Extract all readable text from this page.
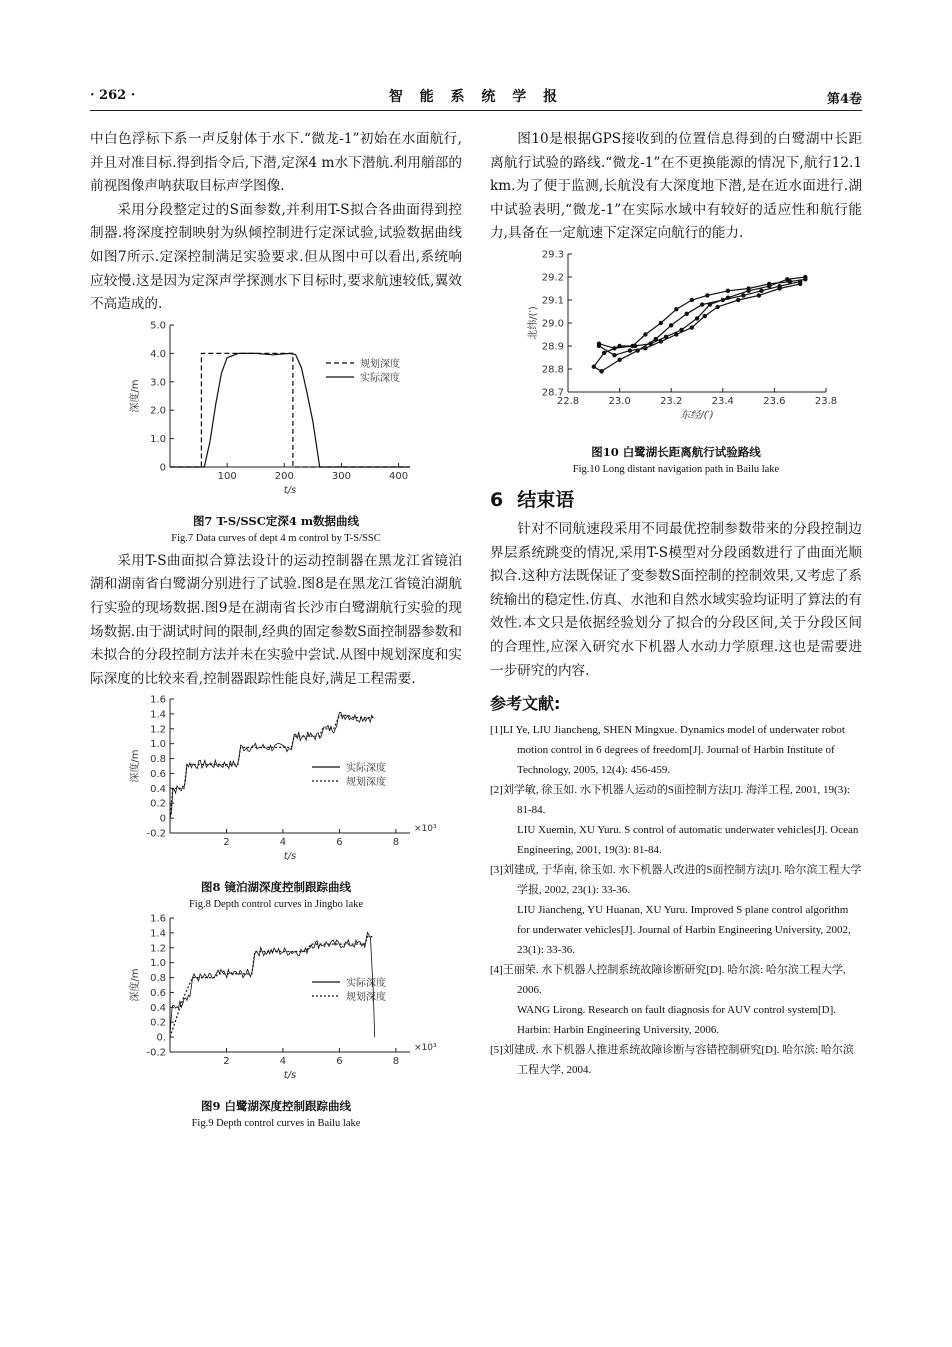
· 262 ·	智 能 系 统 学 报	第4卷

中白色浮标下系一声反射体于水下.“微龙-1”初始在水面航行,并且对准目标.得到指令后,下潜,定深4 m水下潜航.利用艏部的前视图像声呐获取目标声学图像.

采用分段整定过的S面参数,并利用T-S拟合各曲面得到控制器.将深度控制映射为纵倾控制进行定深试验,试验数据曲线如图7所示.定深控制满足实验要求.但从图中可以看出,系统响应较慢.这是因为定深声学探测水下目标时,要求航速较低,翼效不高造成的.

0
1.0
2.0
3.0
4.0
5.0
100	200	300	400
t/s
深度/m
规划深度
实际深度
图7 T-S/SSC定深4 m数据曲线
Fig.7 Data curves of dept 4 m control by T-S/SSC

采用T-S曲面拟合算法设计的运动控制器在黑龙江省镜泊湖和湖南省白鹭湖分别进行了试验.图8是在黑龙江省镜泊湖航行实验的现场数据.图9是在湖南省长沙市白鹭湖航行实验的现场数据.由于湖试时间的限制,经典的固定参数S面控制器参数和未拟合的分段控制方法并未在实验中尝试.从图中规划深度和实际深度的比较来看,控制器跟踪性能良好,满足工程需要.

-0.2
0
0.2
0.4
0.6
0.8
1.0
1.2
1.4
1.6
2	4	6	8
×10³
t/s
深度/m	实际深度
规划深度
图8 镜泊湖深度控制跟踪曲线
Fig.8 Depth control curves in Jingbo lake
-0.2
0.
0.2
0.4
0.6
0.8
1.0
1.2
1.4
1.6
2	4	6	8
×10³
t/s
深度/m	实际深度
规划深度
图9 白鹭湖深度控制跟踪曲线
Fig.9 Depth control curves in Bailu lake

图10是根据GPS接收到的位置信息得到的白鹭湖中长距离航行试验的路线.“微龙-1”在不更换能源的情况下,航行12.1 km.为了便于监测,长航没有大深度地下潜,是在近水面进行.湖中试验表明,“微龙-1”在实际水域中有较好的适应性和航行能力,具备在一定航速下定深定向航行的能力.

28.7
28.8
28.9
29.0
29.1
29.2
29.3
22.8	23.0	23.2	23.4	23.6	23.8
东经/(′)
北纬/(′)
图10 白鹭湖长距离航行试验路线
Fig.10 Long distant navigation path in Bailu lake
6 结束语

针对不同航速段采用不同最优控制参数带来的分段控制边界层系统跳变的情况,采用T-S模型对分段函数进行了曲面光顺拟合.这种方法既保证了变参数S面控制的控制效果,又考虑了系统输出的稳定性.仿真、水池和自然水域实验均证明了算法的有效性.本文只是依据经验划分了拟合的分段区间,关于分段区间的合理性,应深入研究水下机器人水动力学原理.这也是需要进一步研究的内容.

参考文献:

[1]LI Ye, LIU Jiancheng, SHEN Mingxue. Dynamics model of underwater robot motion control in 6 degrees of freedom[J]. Journal of Harbin Institute of Technology, 2005, 12(4): 456-459.

[2]刘学敏, 徐玉如. 水下机器人运动的S面控制方法[J]. 海洋工程, 2001, 19(3): 81-84.

LIU Xuemin, XU Yuru. S control of automatic underwater vehicles[J]. Ocean Engineering, 2001, 19(3): 81-84.

[3]刘建成, 于华南, 徐玉如. 水下机器人改进的S面控制方法[J]. 哈尔滨工程大学学报, 2002, 23(1): 33-36.

LIU Jiancheng, YU Huanan, XU Yuru. Improved S plane control algorithm for underwater vehicles[J]. Journal of Harbin Engineering University, 2002, 23(1): 33-36.

[4]王丽荣. 水下机器人控制系统故障诊断研究[D]. 哈尔滨: 哈尔滨工程大学, 2006.

WANG Lirong. Research on fault diagnosis for AUV control system[D]. Harbin: Harbin Engineering University, 2006.

[5]刘建成. 水下机器人推进系统故障诊断与容错控制研究[D]. 哈尔滨: 哈尔滨工程大学, 2004.
